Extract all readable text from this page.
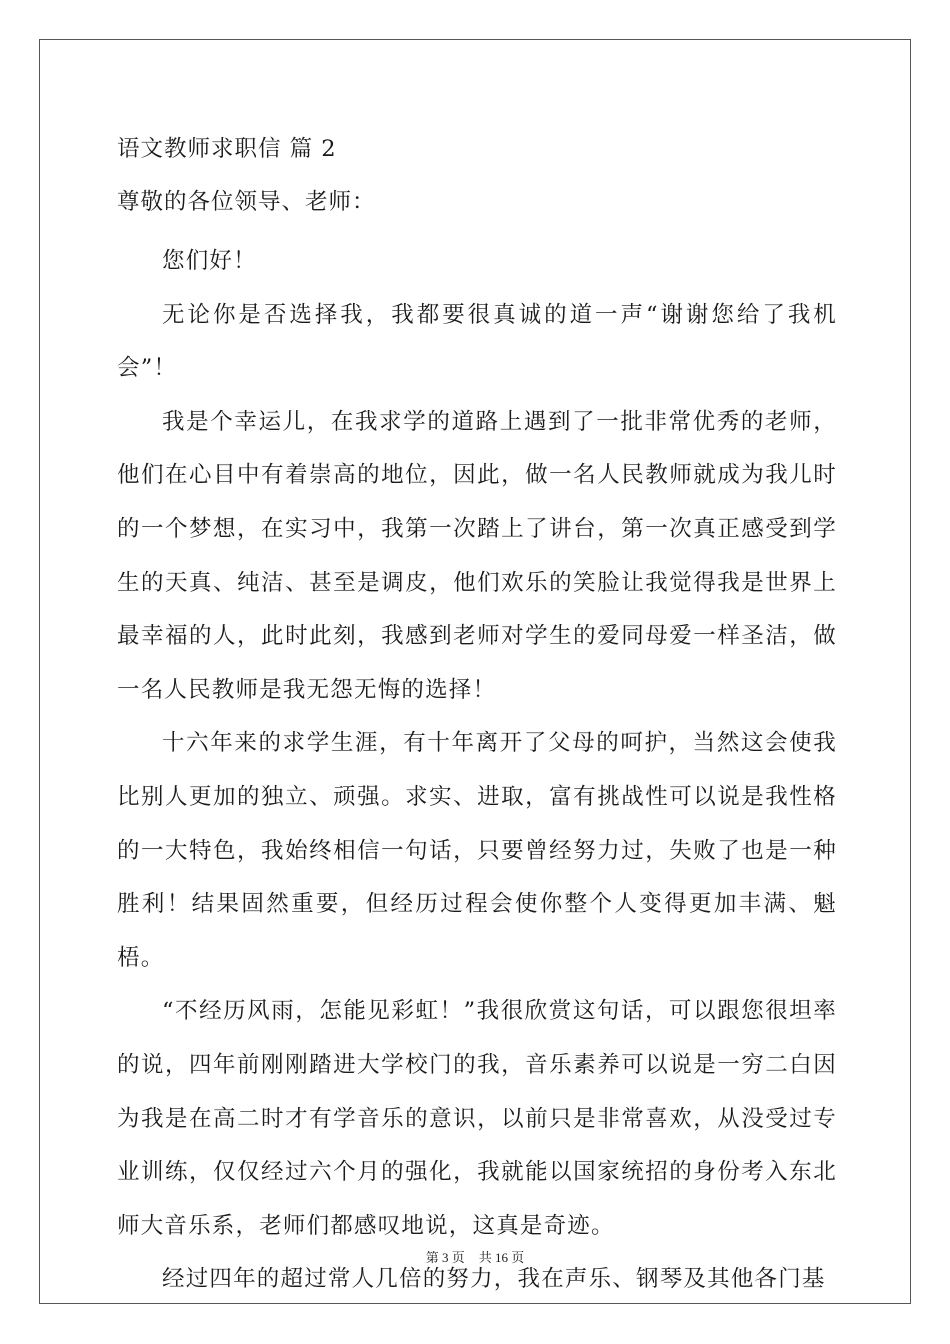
语文教师求职信 篇 2
尊敬的各位领导、老师：
您们好！

无论你是否选择我，我都要很真诚的道一声“谢谢您给了我机会”！

我是个幸运儿，在我求学的道路上遇到了一批非常优秀的老师，他们在心目中有着崇高的地位，因此，做一名人民教师就成为我儿时的一个梦想，在实习中，我第一次踏上了讲台，第一次真正感受到学生的天真、纯洁、甚至是调皮，他们欢乐的笑脸让我觉得我是世界上最幸福的人，此时此刻，我感到老师对学生的爱同母爱一样圣洁，做一名人民教师是我无怨无悔的选择！

十六年来的求学生涯，有十年离开了父母的呵护，当然这会使我比别人更加的独立、顽强。求实、进取，富有挑战性可以说是我性格的一大特色，我始终相信一句话，只要曾经努力过，失败了也是一种胜利！结果固然重要，但经历过程会使你整个人变得更加丰满、魁梧。

“不经历风雨，怎能见彩虹！”我很欣赏这句话，可以跟您很坦率的说，四年前刚刚踏进大学校门的我，音乐素养可以说是一穷二白因为我是在高二时才有学音乐的意识，以前只是非常喜欢，从没受过专业训练，仅仅经过六个月的强化，我就能以国家统招的身份考入东北师大音乐系，老师们都感叹地说，这真是奇迹。

经过四年的超过常人几倍的努力，我在声乐、钢琴及其他各门基

第 3 页 共 16 页
